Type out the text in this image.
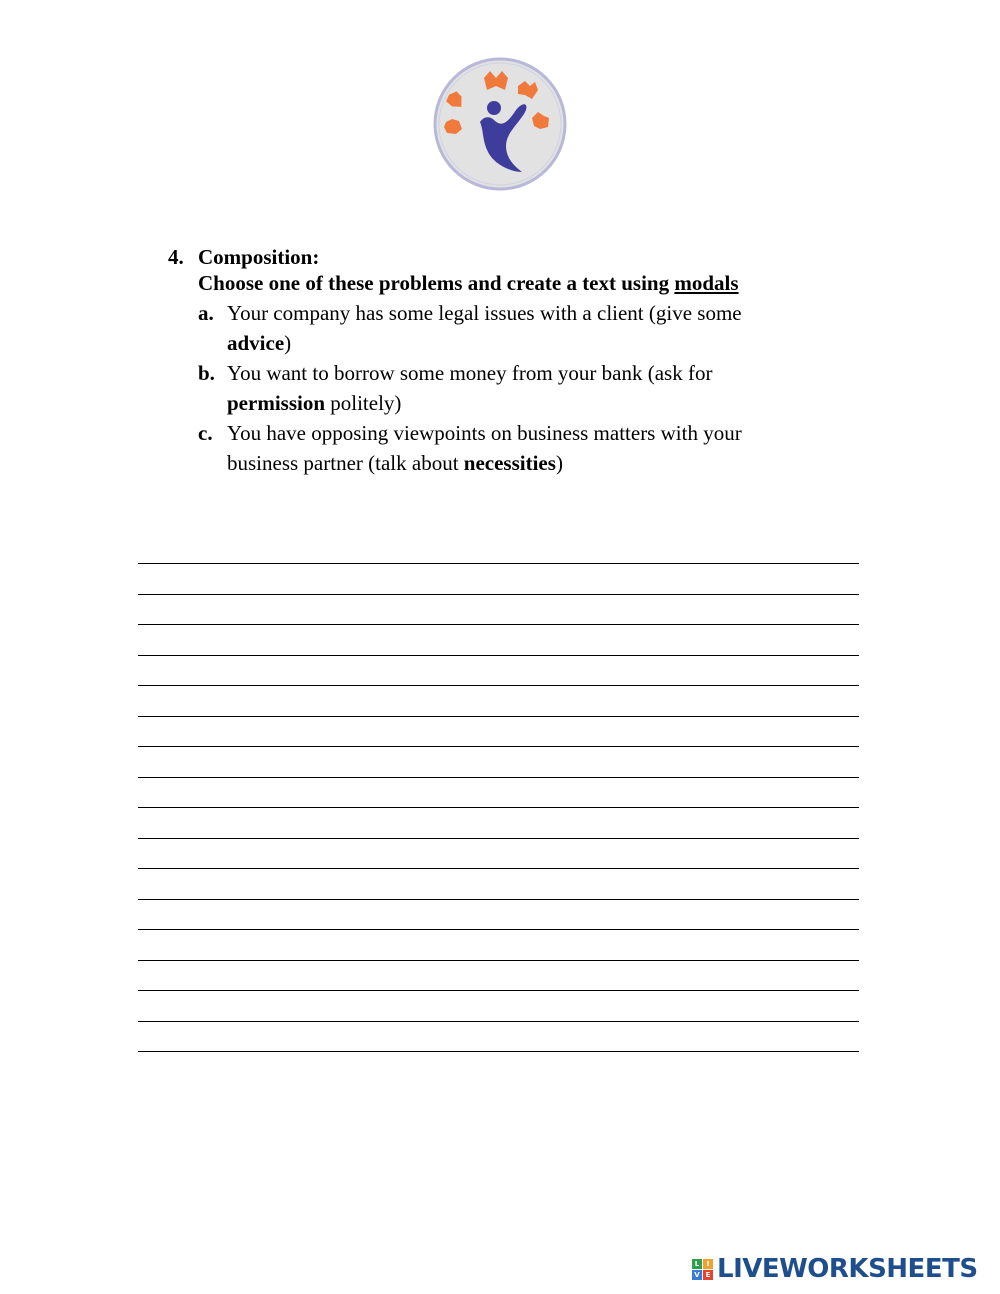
4. Composition:
Choose one of these problems and create a text using modals
a. Your company has some legal issues with a client (give some advice)
b. You want to borrow some money from your bank (ask for permission politely)
c. You have opposing viewpoints on business matters with your business partner (talk about necessities)
L	I
V E LIVEWORKSHEETS
